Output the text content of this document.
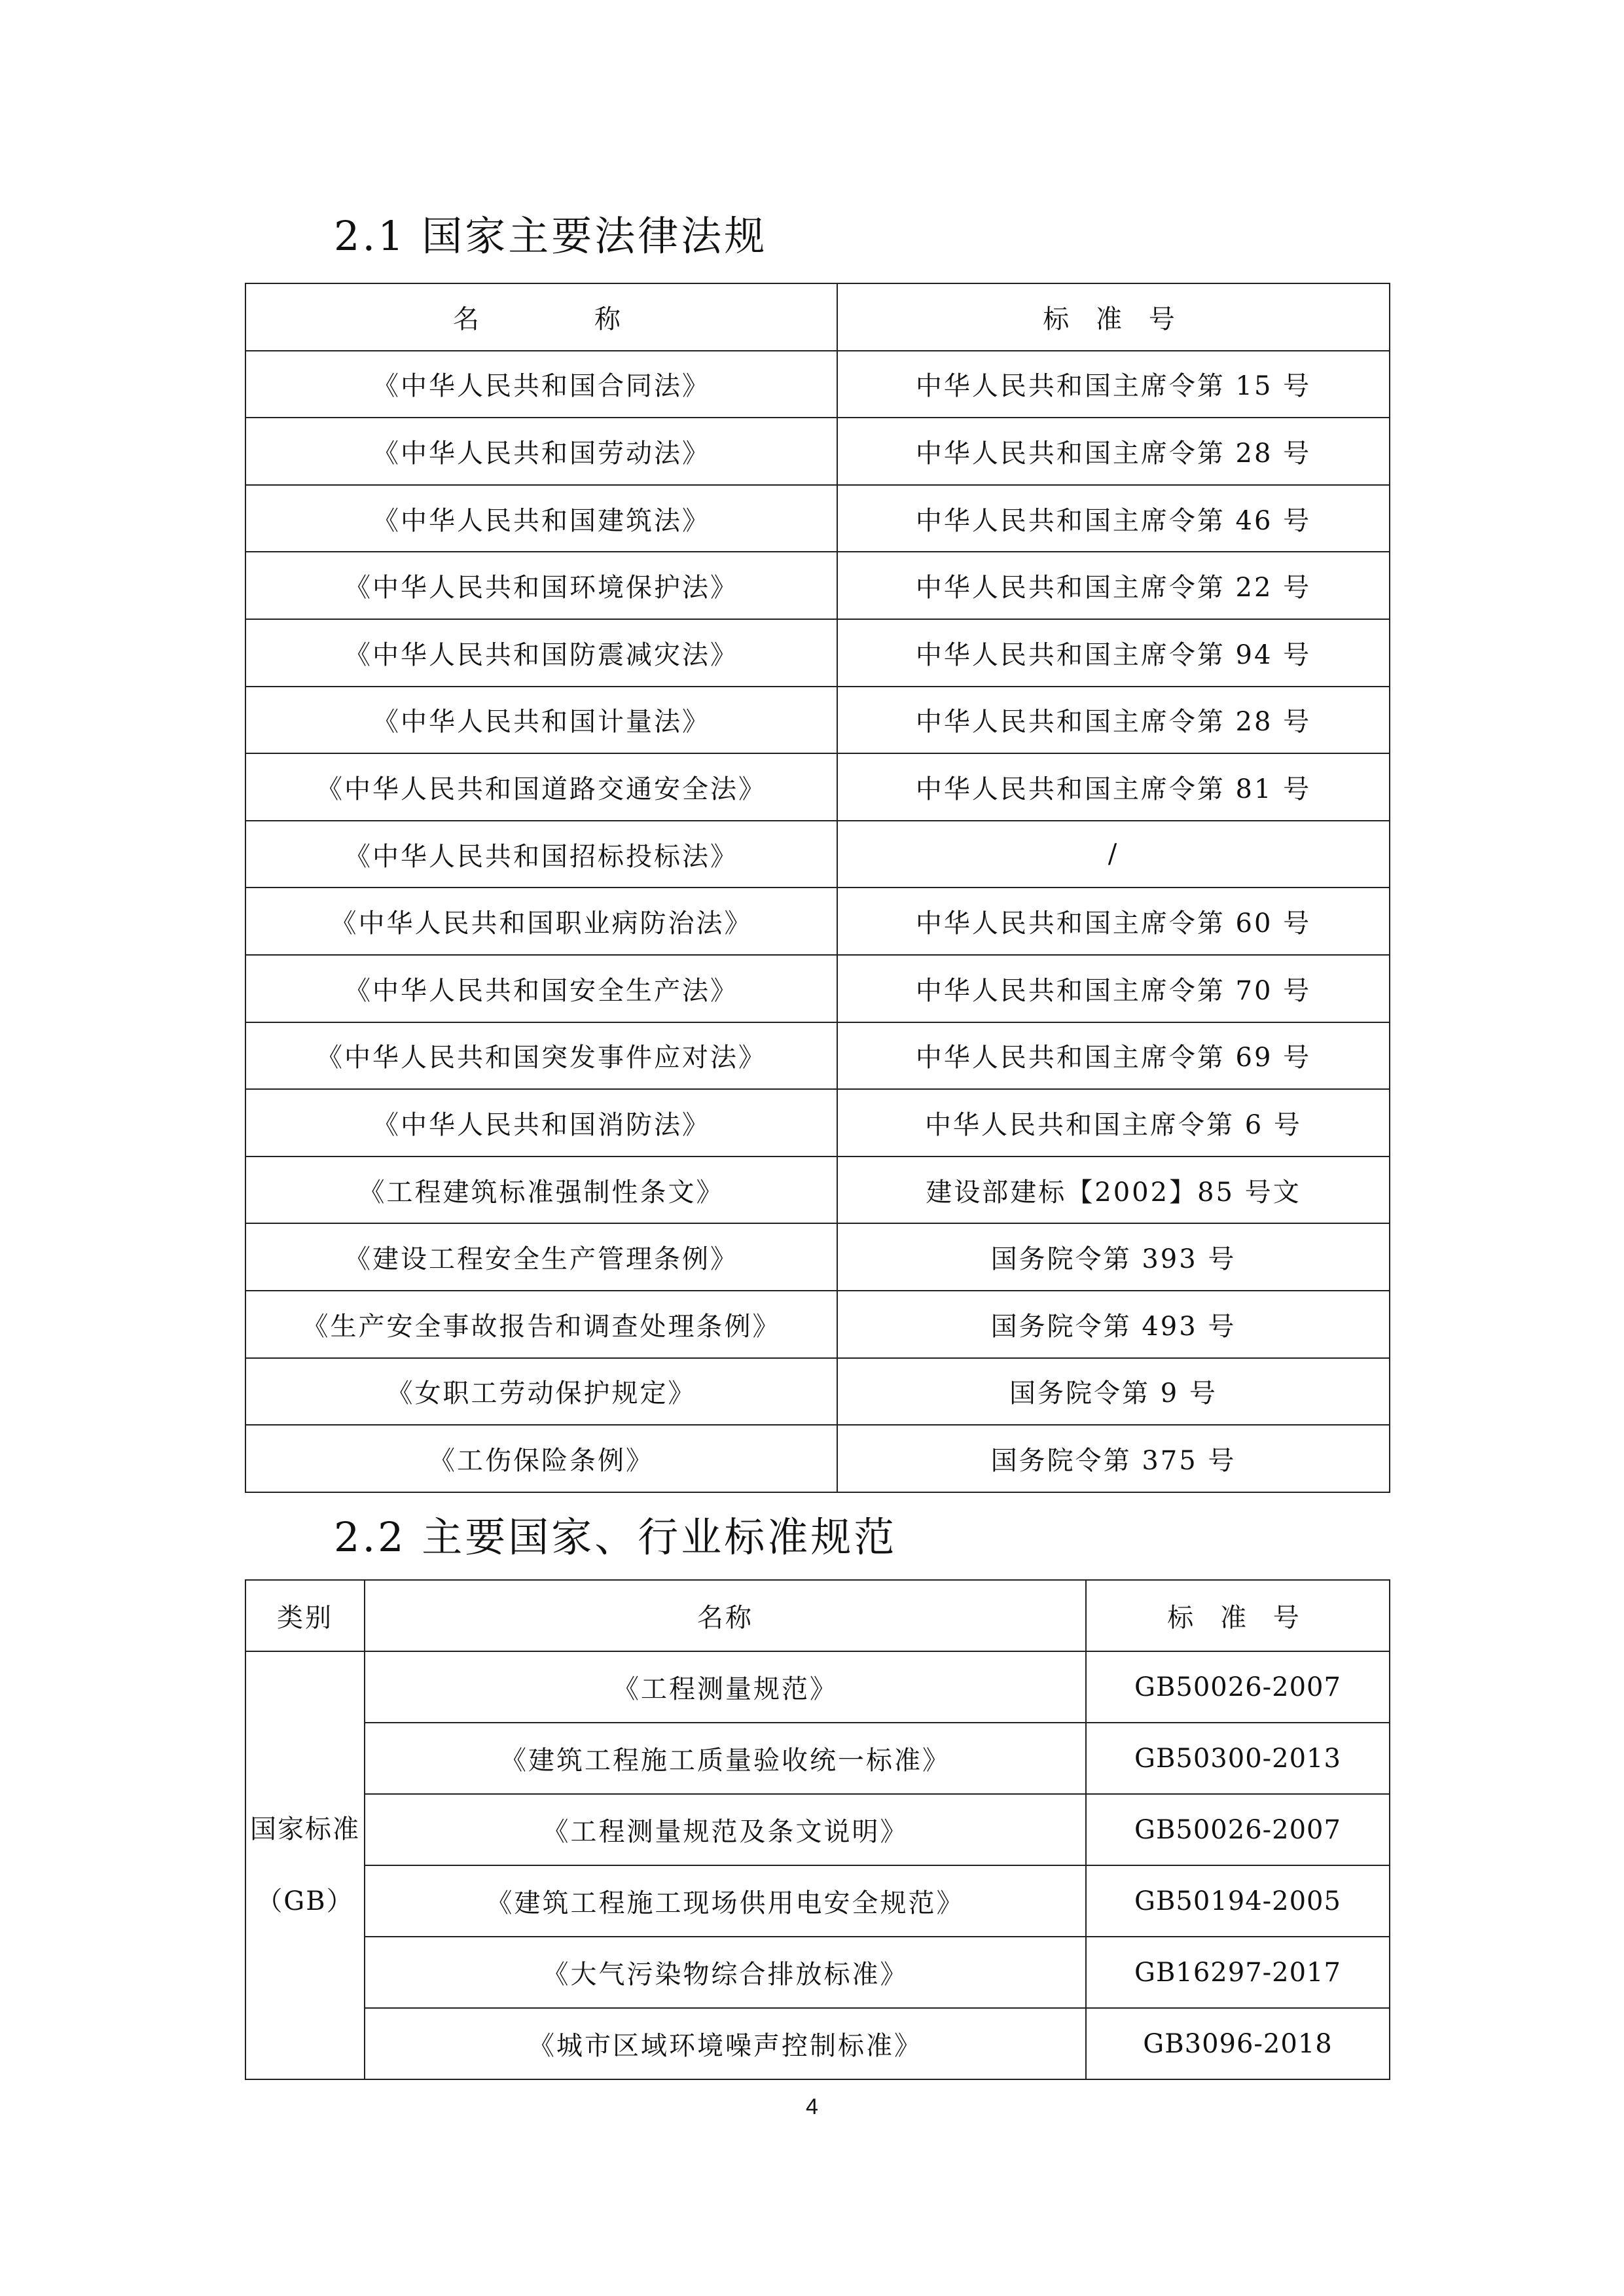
2.1 国家主要法律法规
名　　　称	标 准 号
《中华人民共和国合同法》	中华人民共和国主席令第 15 号
《中华人民共和国劳动法》	中华人民共和国主席令第 28 号
《中华人民共和国建筑法》	中华人民共和国主席令第 46 号
《中华人民共和国环境保护法》	中华人民共和国主席令第 22 号
《中华人民共和国防震减灾法》	中华人民共和国主席令第 94 号
《中华人民共和国计量法》	中华人民共和国主席令第 28 号
《中华人民共和国道路交通安全法》	中华人民共和国主席令第 81 号
《中华人民共和国招标投标法》	/
《中华人民共和国职业病防治法》	中华人民共和国主席令第 60 号
《中华人民共和国安全生产法》	中华人民共和国主席令第 70 号
《中华人民共和国突发事件应对法》	中华人民共和国主席令第 69 号
《中华人民共和国消防法》	中华人民共和国主席令第 6 号
《工程建筑标准强制性条文》	建设部建标【2002】85 号文
《建设工程安全生产管理条例》	国务院令第 393 号
《生产安全事故报告和调查处理条例》	国务院令第 493 号
《女职工劳动保护规定》	国务院令第 9 号
《工伤保险条例》	国务院令第 375 号
2.2 主要国家、行业标准规范
类别	名称	标 准 号
国家标准（GB）	《工程测量规范》	GB50026-2007
	《建筑工程施工质量验收统一标准》	GB50300-2013
	《工程测量规范及条文说明》	GB50026-2007
	《建筑工程施工现场供用电安全规范》	GB50194-2005
	《大气污染物综合排放标准》	GB16297-2017
	《城市区域环境噪声控制标准》	GB3096-2018
4
